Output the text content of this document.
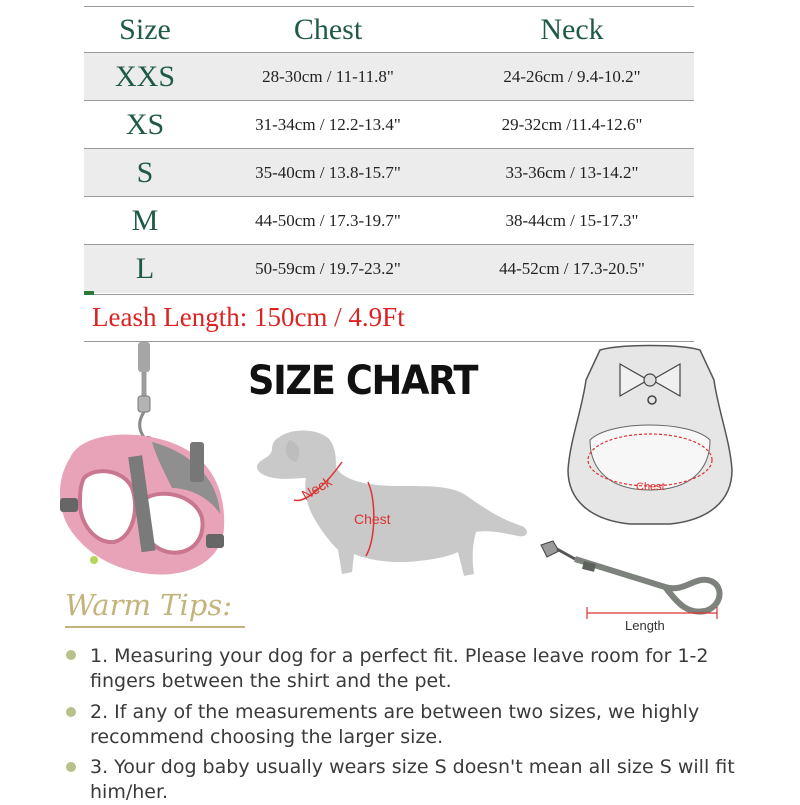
Size	Chest	Neck
XXS	28-30cm / 11-11.8"	24-26cm / 9.4-10.2"
XS	31-34cm / 12.2-13.4"	29-32cm /11.4-12.6"
S	35-40cm / 13.8-15.7"	33-36cm / 13-14.2"
M	44-50cm / 17.3-19.7"	38-44cm / 15-17.3"
L	50-59cm / 19.7-23.2"	44-52cm / 17.3-20.5"
Leash Length: 150cm / 4.9Ft
SIZE CHART
Neck
Chest
Chest
Length
Warm Tips:
1. Measuring your dog for a perfect fit. Please leave room for 1-2 fingers between the shirt and the pet.
2. If any of the measurements are between two sizes, we highly recommend choosing the larger size.
3. Your dog baby usually wears size S doesn't mean all size S will fit him/her.
